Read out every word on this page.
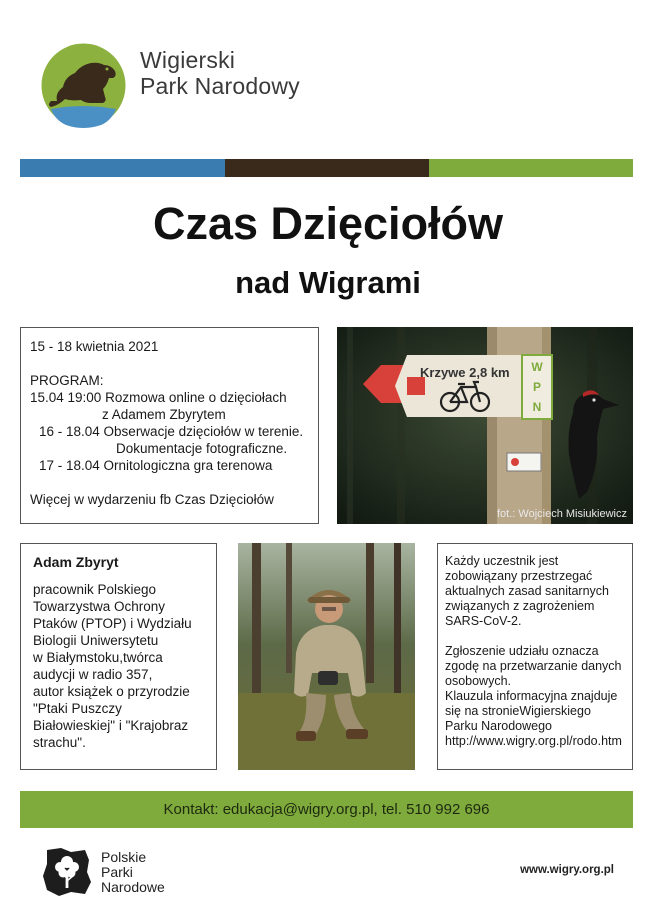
Wigierski
Park Narodowy
Czas Dzięciołów
nad Wigrami
15 - 18 kwietnia 2021
PROGRAM:
15.04 19:00 Rozmowa online o dzięciołach
z Adamem Zbyrytem
16 - 18.04 Obserwacje dzięciołów w terenie.
Dokumentacje fotograficzne.
17 - 18.04 Ornitologiczna gra terenowa
Więcej w wydarzeniu fb Czas Dzięciołów
Krzywe 2,8 km W
P
N
fot.: Wojciech Misiukiewicz
Adam Zbyryt
pracownik Polskiego
Towarzystwa Ochrony
Ptaków (PTOP) i Wydziału
Biologii Uniwersytetu
w Białymstoku,twórca
audycji w radio 357,
autor książek o przyrodzie
"Ptaki Puszczy
Białowieskiej" i "Krajobraz
strachu".
Każdy uczestnik jest
zobowiązany przestrzegać
aktualnych zasad sanitarnych
związanych z zagrożeniem
SARS-CoV-2.
Zgłoszenie udziału oznacza
zgodę na przetwarzanie danych
osobowych.
Klauzula informacyjna znajduje
się na stronieWigierskiego
Parku Narodowego
http://www.wigry.org.pl/rodo.htm
Kontakt: edukacja@wigry.org.pl, tel. 510 992 696
Polskie
Parki
Narodowe
www.wigry.org.pl
